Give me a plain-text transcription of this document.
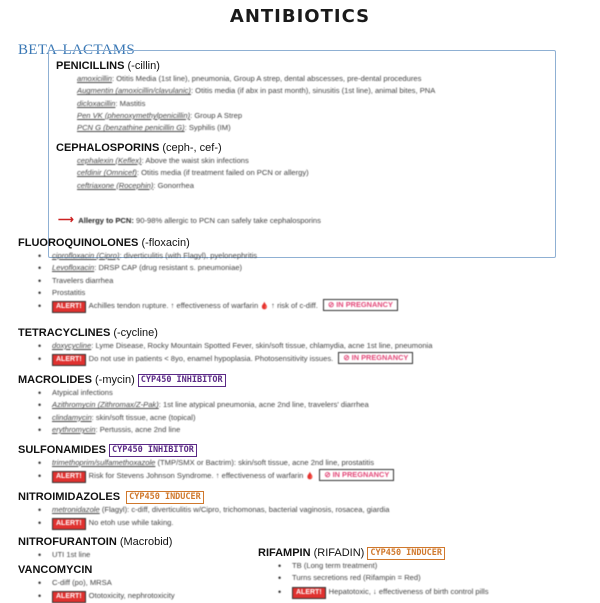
ANTIBIOTICS
BETA-LACTAMS
PENICILLINS (-cillin)
amoxicillin: Otitis Media (1st line), pneumonia, Group A strep, dental abscesses, pre-dental procedures
Augmentin (amoxicillin/clavulanic): Otitis media (if abx in past month), sinusitis (1st line), animal bites, PNA
dicloxacillin: Mastitis
Pen VK (phenoxymethylpenicillin): Group A Strep
PCN G (benzathine penicillin G): Syphilis (IM)
CEPHALOSPORINS (ceph-, cef-)
cephalexin (Keflex): Above the waist skin infections
cefdinir (Omnicef): Otitis media (if treatment failed on PCN or allergy)
ceftriaxone (Rocephin): Gonorrhea
⟶ Allergy to PCN: 90-98% allergic to PCN can safely take cephalosporins
FLUOROQUINOLONES (-floxacin)
• ciprofloxacin (Cipro): diverticulitis (with Flagyl), pyelonephritis
• Levofloxacin: DRSP CAP (drug resistant s. pneumoniae)
• Travelers diarrhea
• Prostatitis
• ALERT! Achilles tendon rupture. ↑ effectiveness of warfarin 🩸 ↑ risk of c-diff. ⊘ IN PREGNANCY
TETRACYCLINES (-cycline)
• doxycycline: Lyme Disease, Rocky Mountain Spotted Fever, skin/soft tissue, chlamydia, acne 1st line, pneumonia
• ALERT! Do not use in patients < 8yo, enamel hypoplasia. Photosensitivity issues. ⊘ IN PREGNANCY
MACROLIDES (-mycin) CYP450 INHIBITOR
• Atypical infections
• Azithromycin (Zithromax/Z-Pak): 1st line atypical pneumonia, acne 2nd line, travelers' diarrhea
• clindamycin: skin/soft tissue, acne (topical)
• erythromycin: Pertussis, acne 2nd line
SULFONAMIDES CYP450 INHIBITOR
• trimethoprim/sulfamethoxazole (TMP/SMX or Bactrim): skin/soft tissue, acne 2nd line, prostatitis
• ALERT! Risk for Stevens Johnson Syndrome. ↑ effectiveness of warfarin 🩸 ⊘ IN PREGNANCY
NITROIMIDAZOLES CYP450 INDUCER
• metronidazole (Flagyl): c-diff, diverticulitis w/Cipro, trichomonas, bacterial vaginosis, rosacea, giardia
• ALERT! No etoh use while taking.
NITROFURANTOIN (Macrobid)
• UTI 1st line
VANCOMYCIN
• C-diff (po), MRSA
• ALERT! Ototoxicity, nephrotoxicity
RIFAMPIN (RIFADIN) CYP450 INDUCER
• TB (Long term treatment)
• Turns secretions red (Rifampin = Red)
• ALERT! Hepatotoxic, ↓ effectiveness of birth control pills
